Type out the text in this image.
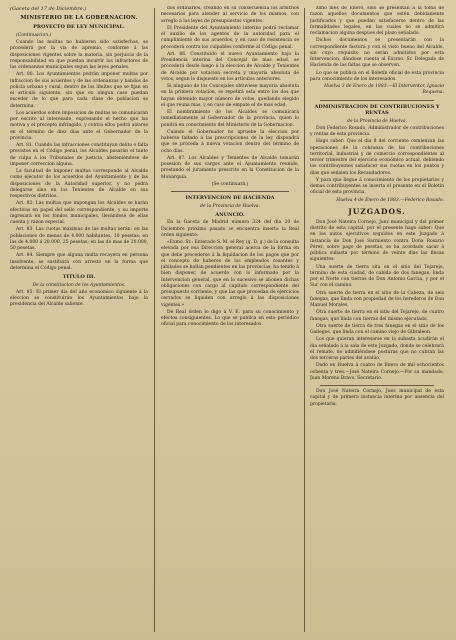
(Gaceta del 17 de Diciembre.)

MINISTERIO DE LA GOBERNACION.
PROYECTO DE LEY MUNICIPAL.

(Continuacion.)

Cuando las multas no hubieren sido satisfechas, se procederá por la via de apremio, conforme á las disposiciones vigentes sobre la materia, sin perjuicio de la responsabilidad en que puedan incurrir los infractores de las ordenanzas municipales segun las leyes penales.

Art. 80. Los Ayuntamientos podrán imponer multas por infraccion de sus acuerdos y de las ordenanzas y bandos de policía urbana y rural, dentro de los límites que se fijan en el artículo siguiente, sin que en ningun caso puedan exceder de lo que para cada clase de poblacion se determina.

Los acuerdos sobre imposicion de multas se comunicarán por escrito al interesado, expresando el hecho que las motiva y el precepto infringido, y contra ellos podrá alzarse en el término de diez dias ante el Gobernador de la provincia.

Art. 81. Cuando las infracciones constituyan delito o falta previstos en el Código penal, los Alcaldes pasarán el tanto de culpa á los Tribunales de justicia, absteniéndose de imponer correccion alguna.

La facultad de imponer multas corresponde al Alcalde como ejecutor de los acuerdos del Ayuntamiento y de las disposiciones de la Autoridad superior, y no podrá delegarse sino en los Tenientes de Alcalde en sus respectivos distritos.

Art. 82. Las multas que impongan los Alcaldes se harán efectivas en papel del sello correspondiente, y su importe ingresará en los fondos municipales, llevándose de ellas cuenta y razon especial.

Art. 83. Las cuotas máximas de las multas serán: en las poblaciones de menos de 4.000 habitantes, 10 pesetas; en las de 4.000 á 20.000, 25 pesetas; en las de mas de 20.000, 50 pesetas.

Art. 84. Siempre que alguna multa recayera en persona insolvente, se sustituirá con arresto en la forma que determina el Código penal.

TITULO III.

De la constitucion de los Ayuntamientos.

Art. 85. El primer dia del año económico siguiente á la eleccion se constituirán los Ayuntamientos bajo la presidencia del Alcalde saliente.

dos ordinarios, creando en su consecuencia los arbitrios necesarios para atender al servicio de los mismos, con arreglo á las leyes de presupuestos vigentes.

El Presidente del Ayuntamiento interino podrá reclamar el auxilio de los agentes de la autoridad para el cumplimiento de sus acuerdos, y en caso de resistencia se procederá contra los culpables conforme al Código penal.

Art. 86. Constituido el nuevo Ayuntamiento bajo la Presidencia interina del Concejal de mas edad, se procederá desde luego á la eleccion de Alcalde y Tenientes de Alcalde por votacion secreta y mayoría absoluta de votos, segun lo dispuesto en los artículos anteriores.

Si ninguno de los Concejales obtuviese mayoría absoluta en la primera votacion, se repetirá esta entre los dos que hayan obtenido mayor número de votos, quedando elegido el que reuna mas, y en caso de empate el de mas edad.

El nombramiento de los Alcaldes se comunicará inmediatamente al Gobernador de la provincia, quien lo pondrá en conocimiento del Ministerio de la Gobernacion.

Cuando el Gobernador no apruebe la eleccion por haberse faltado á las prescripciones de la ley, dispondrá que se proceda á nueva votacion dentro del término de ocho dias.

Art. 87. Los Alcaldes y Tenientes de Alcalde tomarán posesion de sus cargos ante el Ayuntamiento reunido, prestando el juramento prescrito en la Constitucion de la Monarquía.

(Se continuará.)

INTERVENCION DE HACIENDA

de la Provincia de Huelva.

ANUNCIO.

En la Gaceta de Madrid número 324 del dia 20 de Diciembre próximo pasado se encuentra inserta la Real órden siguiente:

«Exmo. Sr.: Enterado S. M. el Rey (q. D. g.) de la consulta elevada por esa Direccion general acerca de la forma en que debe procederse á la liquidacion de los pagos que por el concepto de haberes de los empleados cesantes y jubilados se hallan pendientes en las provincias, ha tenido á bien disponer, de acuerdo con lo informado por la Intervencion general, que en lo sucesivo se abonen dichas obligaciones con cargo al capítulo correspondiente del presupuesto corriente, y que las que procedan de ejercicios cerrados se liquiden con arreglo á las disposiciones vigentes.»

De Real órden lo digo á V. E. para su conocimiento y efectos consiguientes. Lo que se publica en este periódico oficial para conocimiento de los interesados.

zimo mes de Enero, solo se presentan á la toma de razon aquellos documentos que estén debidamente justificados y que puedan satisfacerse dentro de las formalidades legales, en las cuales no se admitirá reclamacion alguna despues del plazo señalado.

Dichos documentos se presentarán con la correspondiente factura y con el visto bueno del Alcalde, sin cuyo requisito no serán admitidos por esta Intervencion, dándose cuenta al Excmo. Sr. Delegado de Hacienda de las faltas que se observen.

Lo que se publica en el Boletín oficial de esta provincia para conocimiento de los interesados.

Huelva 3 de Enero de 1883.—El Interventor, Ignacio Requena.

ADMINISTRACION DE CONTRIBUCIONES Y RENTAS

de la Provincia de Huelva.

Don Federico Rosado, Administrador de contribuciones y rentas de esta provincia.

Hago saber: Que el dia 8 del corriente comienzan las operaciones de la cobranza de las contribuciones territorial, industrial y de comercio correspondientes al tercer trimestre del ejercicio económico actual, debiendo los contribuyentes satisfacer sus cuotas en los puntos y dias que señalen los Recaudadores.

Y para que llegue á conocimiento de los propietarios y demas contribuyentes se inserta el presente en el Boletín oficial de esta provincia.

Huelva 4 de Enero de 1883.—Federico Rosado.

JUZGADOS.

Don José Nateira Cornejo, Juez municipal y del primer distrito de esta capital, por el presente hago saber: Que en los autos ejecutivos seguidos en este Juzgado á instancia de Don José Sarmiento contra Doña Rosario Pérez, sobre pago de pesetas, se ha acordado sacar á pública subasta por término de veinte dias las fincas siguientes:

Una suerte de tierra sita en el sitio del Tejarejo, término de esta ciudad, de cabida de dos fanegas, linda por el Norte con tierras de Don Antonio Garcia, y por el Sur con el camino.

Otra suerte de tierra en el sitio de la Cabeza, de seis fanegas, que linda con propiedad de los herederos de Don Manuel Morales.

Otra suerte de tierra en el sitio del Tejarejo, de cuatro fanegas, que linda con tierras del mismo ejecutado.

Otra suerte de tierra de tres fanegas en el sitio de los Gallegos, que linda con el camino viejo de Gibraleon.

Los que quieran interesarse en la subasta acudirán el dia señalado á la sala de este Juzgado, donde se celebrará el remate, no admitiéndose posturas que no cubran las dos terceras partes del avalúo.

Dado en Huelva á cuatro de Enero de mil ochocientos ochenta y tres.—José Nateira Cornejo.—Por su mandado, Juan Moreno Bravo, Secretario.

Don José Nateira Cornejo, Juez municipal de esta capital y de primera instancia interina por ausencia del propietario.
